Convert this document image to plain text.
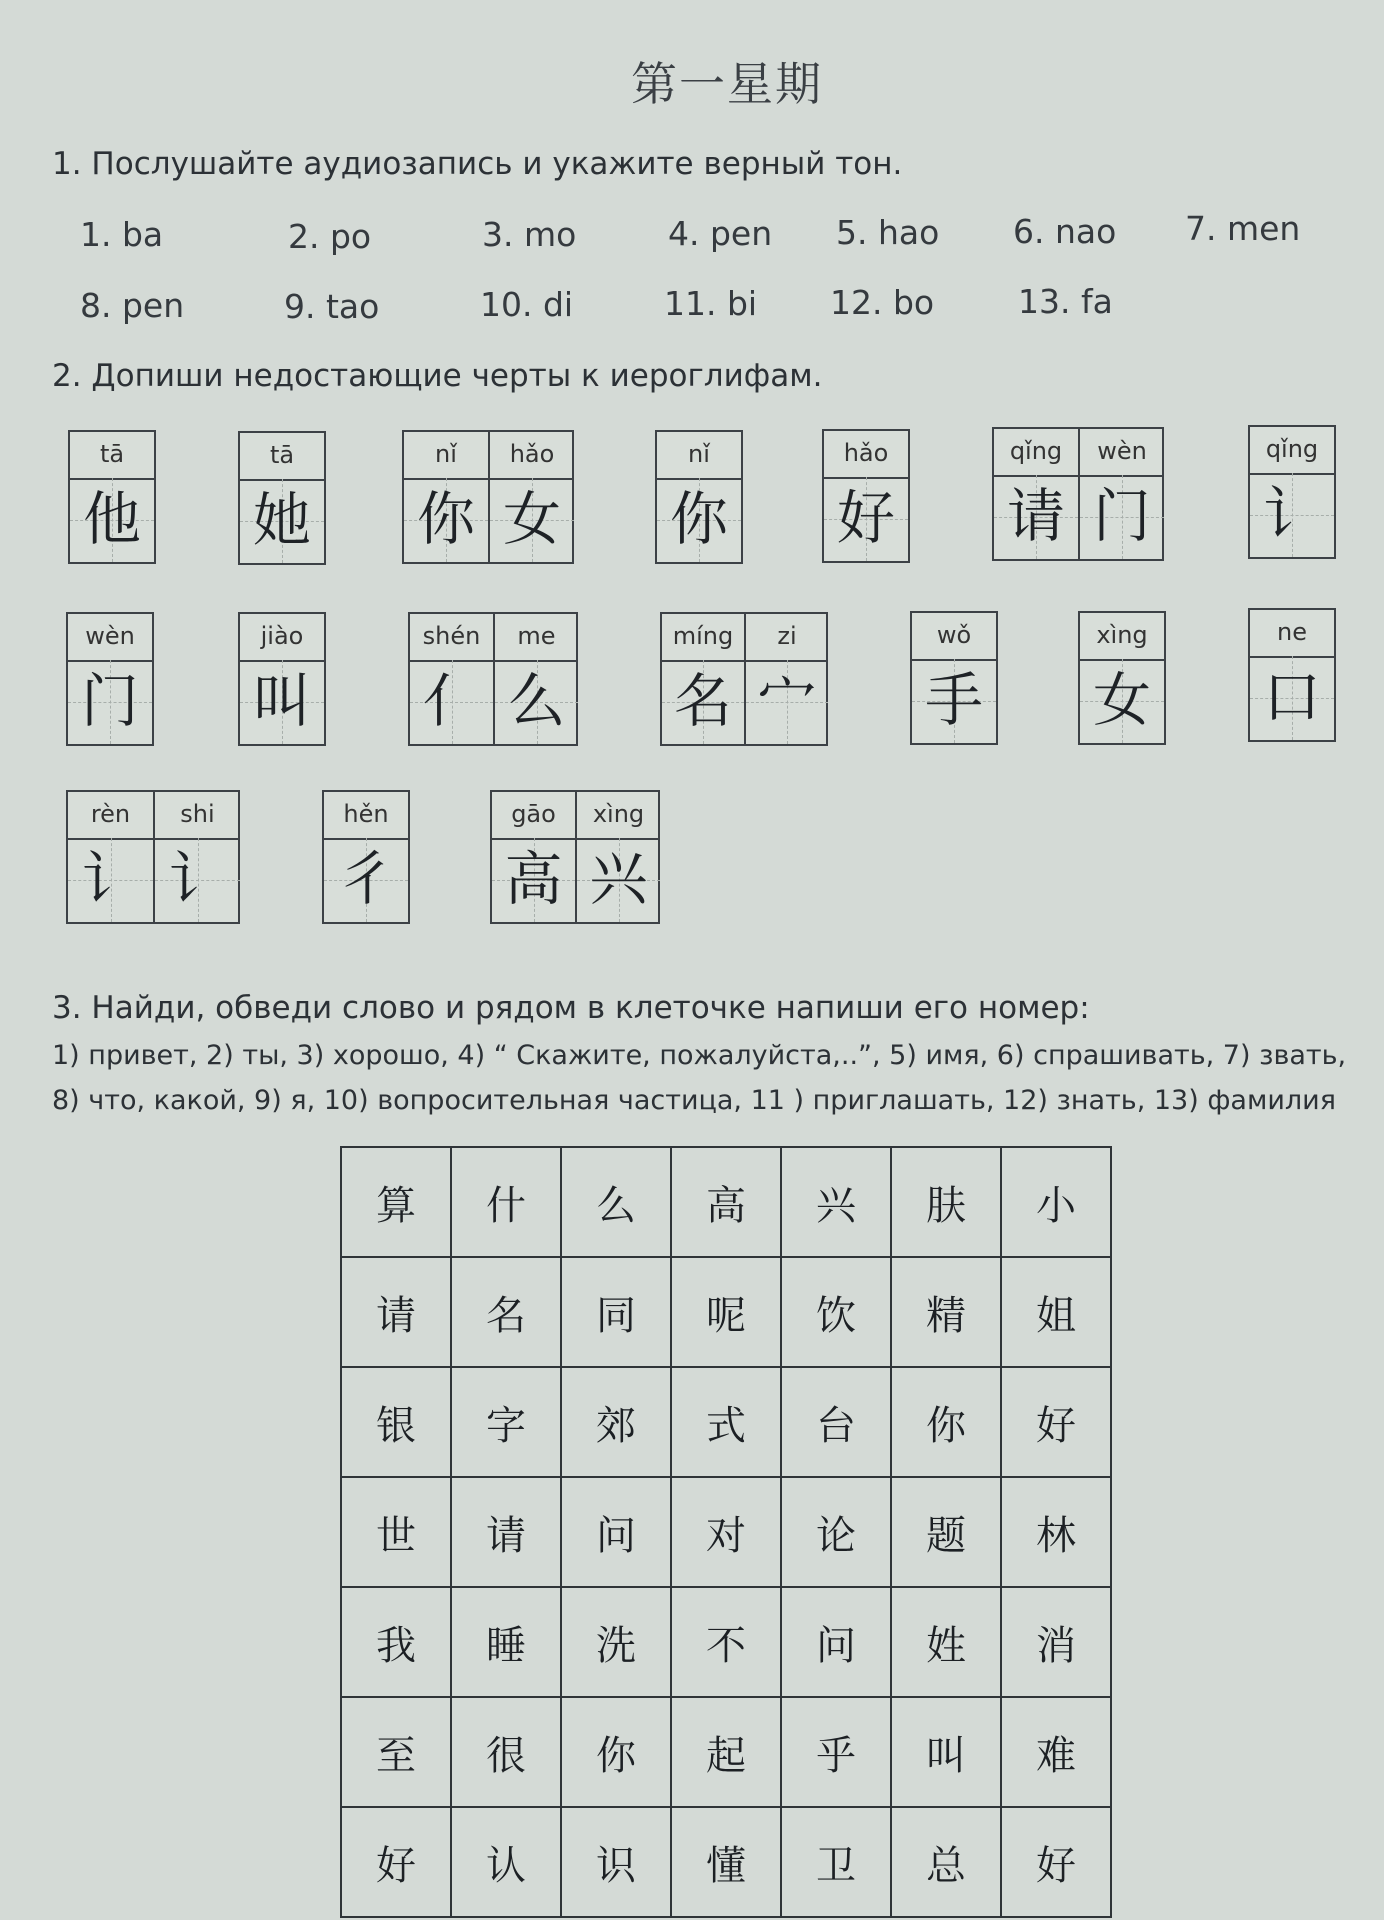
第一星期
1. Послушайте аудиозапись и укажите верный тон.
1. ba	2. po	3. mo	4. pen 5. hao 6. nao 7. men
8. pen	9. tao	10. di	11. bi 12. bo	13. fa
2. Допиши недостающие черты к иероглифам.
tā
他
tā
她
nǐ
你
hǎo
女
nǐ
你
hǎo
好
qǐng
请
wèn
门
qǐng
讠
wèn
门
jiào
叫
shén
亻
me
么
míng
名
zi
宀
wǒ
手
xìng
女
ne
口
rèn
讠
shi
讠
hěn
彳
gāo
高
xìng
兴
3. Найди, обведи слово и рядом в клеточке напиши его номер:
1) привет, 2) ты, 3) хорошо, 4) “ Скажите, пожалуйста,..”, 5) имя, 6) спрашивать, 7) звать,
8) что, какой, 9) я, 10) вопросительная частица, 11 ) приглашать, 12) знать, 13) фамилия
算	什	么	高	兴	肤	小
请	名	同	呢	饮	精	姐
银	字	郊	式	台	你	好
世	请	问	对	论	题	林
我	睡	洗	不	问	姓	消
至	很	你	起	乎	叫	难
好	认	识	懂	卫	总	好
